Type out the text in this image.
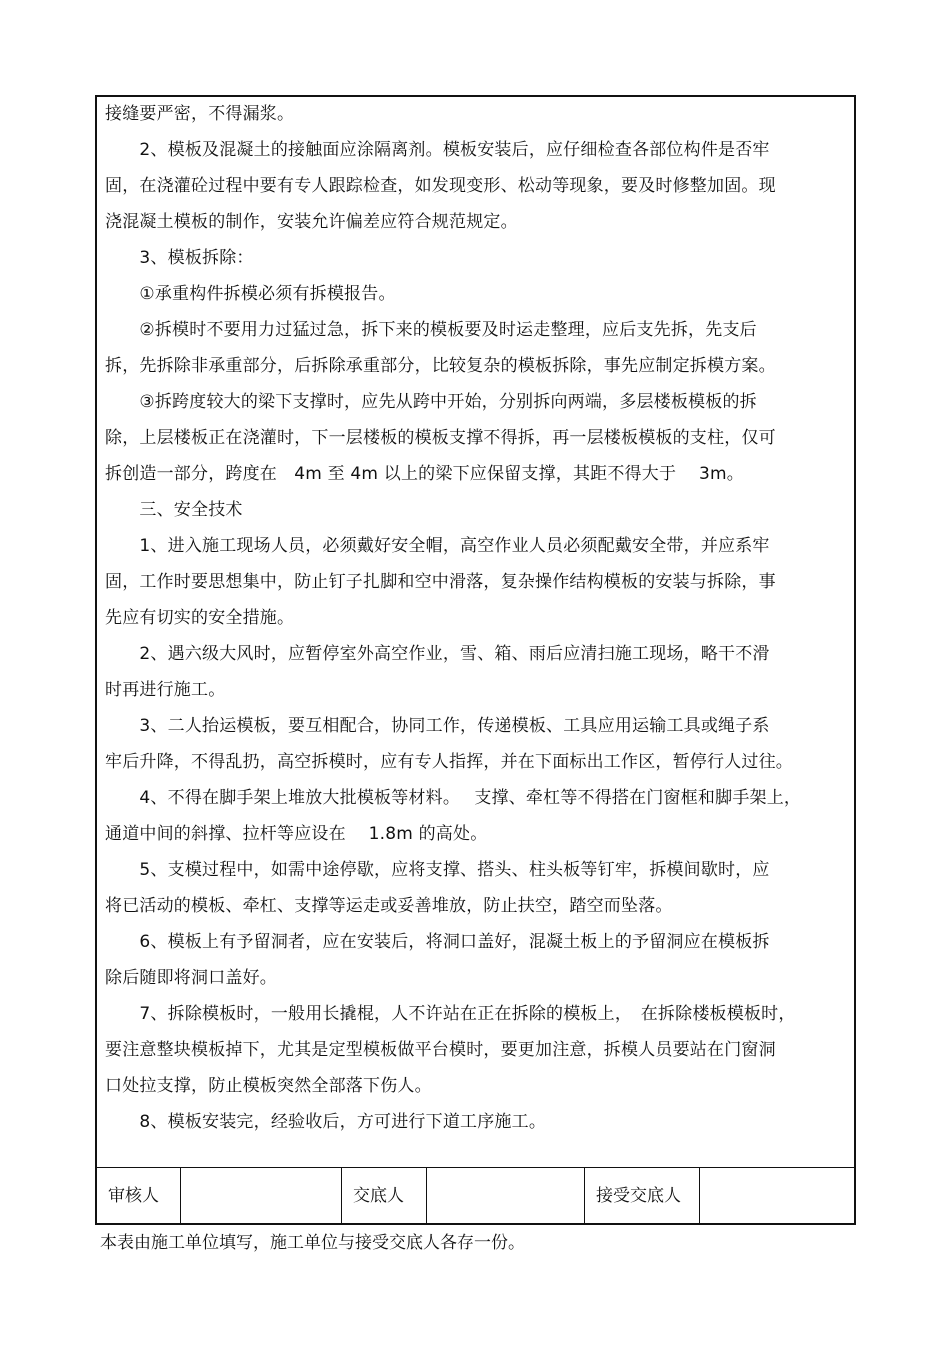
接缝要严密，不得漏浆。
　　2、模板及混凝土的接触面应涂隔离剂。模板安装后，应仔细检查各部位构件是否牢
固，在浇灌砼过程中要有专人跟踪检查，如发现变形、松动等现象，要及时修整加固。现
浇混凝土模板的制作，安装允许偏差应符合规范规定。
　　3、模板拆除：
　　①承重构件拆模必须有拆模报告。
　　②拆模时不要用力过猛过急，拆下来的模板要及时运走整理，应后支先拆，先支后
拆，先拆除非承重部分，后拆除承重部分，比较复杂的模板拆除，事先应制定拆模方案。
　　③拆跨度较大的梁下支撑时，应先从跨中开始，分别拆向两端，多层楼板模板的拆
除，上层楼板正在浇灌时，下一层楼板的模板支撑不得拆，再一层楼板模板的支柱，仅可
拆创造一部分，跨度在　4m 至 4m 以上的梁下应保留支撑，其距不得大于　 3m。
　　三、安全技术
　　1、进入施工现场人员，必须戴好安全帽，高空作业人员必须配戴安全带，并应系牢
固，工作时要思想集中，防止钉子扎脚和空中滑落，复杂操作结构模板的安装与拆除，事
先应有切实的安全措施。
　　2、遇六级大风时，应暂停室外高空作业，雪、箱、雨后应清扫施工现场，略干不滑
时再进行施工。
　　3、二人抬运模板，要互相配合，协同工作，传递模板、工具应用运输工具或绳子系
牢后升降，不得乱扔，高空拆模时，应有专人指挥，并在下面标出工作区，暂停行人过往。
　　4、不得在脚手架上堆放大批模板等材料。　 支撑、牵杠等不得搭在门窗框和脚手架上，
通道中间的斜撑、拉杆等应设在　 1.8m 的高处。
　　5、支模过程中，如需中途停歇，应将支撑、搭头、柱头板等钉牢，拆模间歇时，应
将已活动的模板、牵杠、支撑等运走或妥善堆放，防止扶空，踏空而坠落。
　　6、模板上有予留洞者，应在安装后，将洞口盖好，混凝土板上的予留洞应在模板拆
除后随即将洞口盖好。
　　7、拆除模板时，一般用长撬棍，人不许站在正在拆除的模板上，　在拆除楼板模板时，
要注意整块模板掉下，尤其是定型模板做平台模时，要更加注意，拆模人员要站在门窗洞
口处拉支撑，防止模板突然全部落下伤人。
　　8、模板安装完，经验收后，方可进行下道工序施工。
审核人	交底人	接受交底人
本表由施工单位填写，施工单位与接受交底人各存一份。
